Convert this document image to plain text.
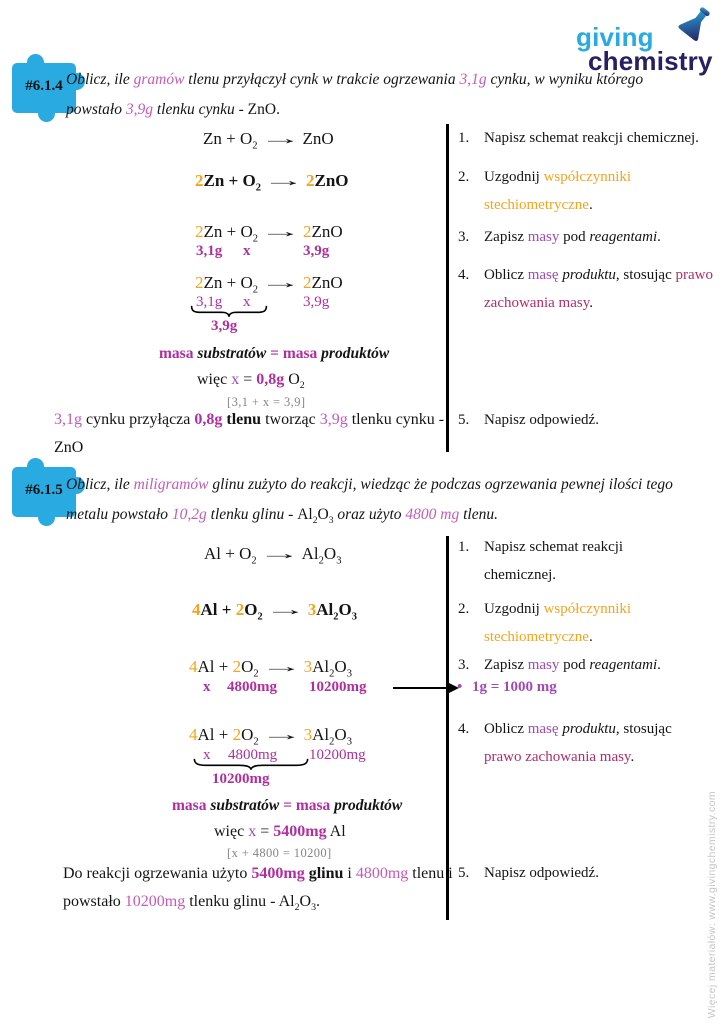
giving
chemistry
Więcej materiałów: www.givingchemistry.com
#6.1.4 Oblicz, ile gramów tlenu przyłączył cynk w trakcie ogrzewania 3,1g cynku, w wyniku którego
powstało 3,9g tlenku cynku - ZnO.
$Zn + O_2\to ZnO$
$2Zn + O_2\to 2ZnO$
$2Zn + O_2\to 2ZnO$
3,1g x	3,9g
$2Zn + O_2\to 2ZnO$
3,1g x	3,9g
3,9g
masa substratów = masa produktów
więc x = 0,8g $O_2$
[3,1 + x = 3,9]
3,1g cynku przyłącza 0,8g tlenu tworząc 3,9g tlenku cynku -
ZnO
1. Napisz schemat reakcji chemicznej.
2. Uzgodnij współczynniki
stechiometryczne.
3. Zapisz masy pod reagentami.
4. Oblicz masę produktu, stosując prawo
zachowania masy.
5. Napisz odpowiedź.
#6.1.5 Oblicz, ile miligramów glinu zużyto do reakcji, wiedząc że podczas ogrzewania pewnej ilości tego
metalu powstało 10,2g tlenku glinu - $Al_2O_3$ oraz użyto 4800 mg tlenu.
$Al + O_2\to Al_2O_3$
$4Al + 2O_2\to 3Al_2O_3$
$4Al + 2O_2\to 3Al_2O_3$
x 4800mg 10200mg
$4Al + 2O_2\to 3Al_2O_3$
x 4800mg 10200mg
10200mg
masa substratów = masa produktów
więc x = 5400mg Al
[x + 4800 = 10200]
Do reakcji ogrzewania użyto 5400mg glinu i 4800mg tlenu i
powstało 10200mg tlenku glinu - $Al_2O_3$.
1. Napisz schemat reakcji
chemicznej.
2. Uzgodnij współczynniki
stechiometryczne.
3. Zapisz masy pod reagentami.
• 1g = 1000 mg
4. Oblicz masę produktu, stosując
prawo zachowania masy.
5. Napisz odpowiedź.
